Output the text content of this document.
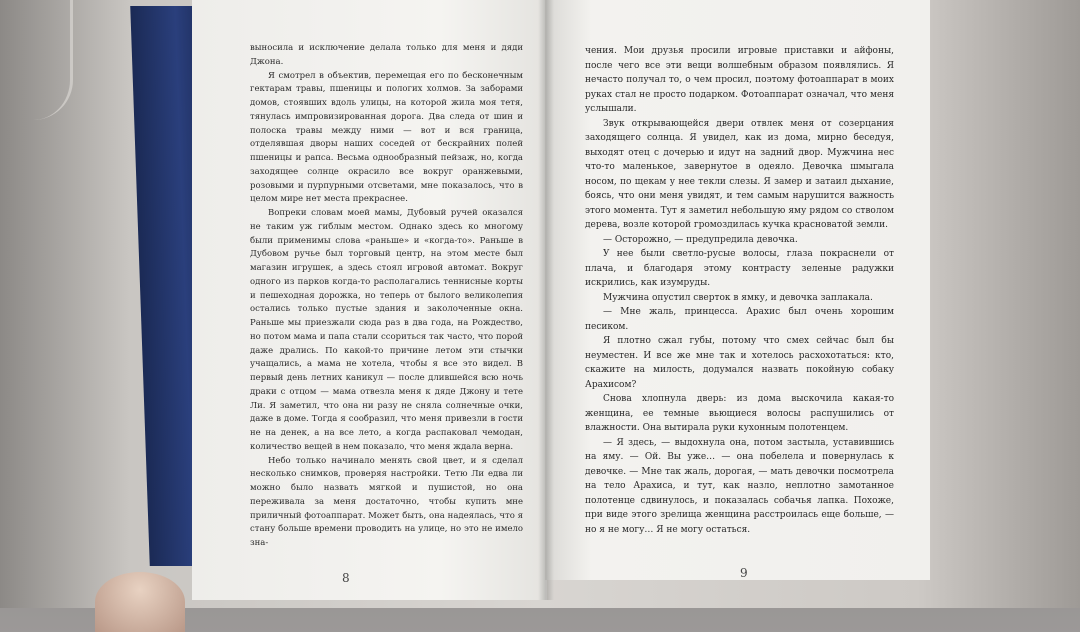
выносила и исключение делала только для меня и дяди Джона.

Я смотрел в объектив, перемещая его по бесконечным гектарам травы, пшеницы и пологих холмов. За заборами домов, стоявших вдоль улицы, на которой жила моя тетя, тянулась импровизированная дорога. Два следа от шин и полоска травы между ними — вот и вся граница, отделявшая дворы наших соседей от бескрайних полей пшеницы и рапса. Весьма однообразный пейзаж, но, когда заходящее солнце окрасило все вокруг оранжевыми, розовыми и пурпурными отсветами, мне показалось, что в целом мире нет места прекраснее.

Вопреки словам моей мамы, Дубовый ручей оказался не таким уж гиблым местом. Однако здесь ко многому были применимы слова «раньше» и «когда-то». Раньше в Дубовом ручье был торговый центр, на этом месте был магазин игрушек, а здесь стоял игровой автомат. Вокруг одного из парков когда-то располагались теннисные корты и пешеходная дорожка, но теперь от былого великолепия остались только пустые здания и заколоченные окна. Раньше мы приезжали сюда раз в два года, на Рождество, но потом мама и папа стали ссориться так часто, что порой даже дрались. По какой-то причине летом эти стычки учащались, а мама не хотела, чтобы я все это видел. В первый день летних каникул — после длившейся всю ночь драки с отцом — мама отвезла меня к дяде Джону и тете Ли. Я заметил, что она ни разу не сняла солнечные очки, даже в доме. Тогда я сообразил, что меня привезли в гости не на денек, а на все лето, а когда распаковал чемодан, количество вещей в нем показало, что меня ждала верна.

Небо только начинало менять свой цвет, и я сделал несколько снимков, проверяя настройки. Тетю Ли едва ли можно было назвать мягкой и пушистой, но она переживала за меня достаточно, чтобы купить мне приличный фотоаппарат. Может быть, она надеялась, что я стану больше времени проводить на улице, но это не имело зна-

8

чения. Мои друзья просили игровые приставки и айфоны, после чего все эти вещи волшебным образом появлялись. Я нечасто получал то, о чем просил, поэтому фотоаппарат в моих руках стал не просто подарком. Фотоаппарат означал, что меня услышали.

Звук открывающейся двери отвлек меня от созерцания заходящего солнца. Я увидел, как из дома, мирно беседуя, выходят отец с дочерью и идут на задний двор. Мужчина нес что-то маленькое, завернутое в одеяло. Девочка шмыгала носом, по щекам у нее текли слезы. Я замер и затаил дыхание, боясь, что они меня увидят, и тем самым нарушится важность этого момента. Тут я заметил небольшую яму рядом со стволом дерева, возле которой громоздилась кучка красноватой земли.

— Осторожно, — предупредила девочка.

У нее были светло-русые волосы, глаза покраснели от плача, и благодаря этому контрасту зеленые радужки искрились, как изумруды.

Мужчина опустил сверток в ямку, и девочка заплакала.

— Мне жаль, принцесса. Арахис был очень хорошим песиком.

Я плотно сжал губы, потому что смех сейчас был бы неуместен. И все же мне так и хотелось расхохотаться: кто, скажите на милость, додумался назвать покойную собаку Арахисом?

Снова хлопнула дверь: из дома выскочила какая-то женщина, ее темные вьющиеся волосы распушились от влажности. Она вытирала руки кухонным полотенцем.

— Я здесь, — выдохнула она, потом застыла, уставившись на яму. — Ой. Вы уже… — она побелела и повернулась к девочке. — Мне так жаль, дорогая, — мать девочки посмотрела на тело Арахиса, и тут, как назло, неплотно замотанное полотенце сдвинулось, и показалась собачья лапка. Похоже, при виде этого зрелища женщина расстроилась еще больше, — но я не могу… Я не могу остаться.

9
